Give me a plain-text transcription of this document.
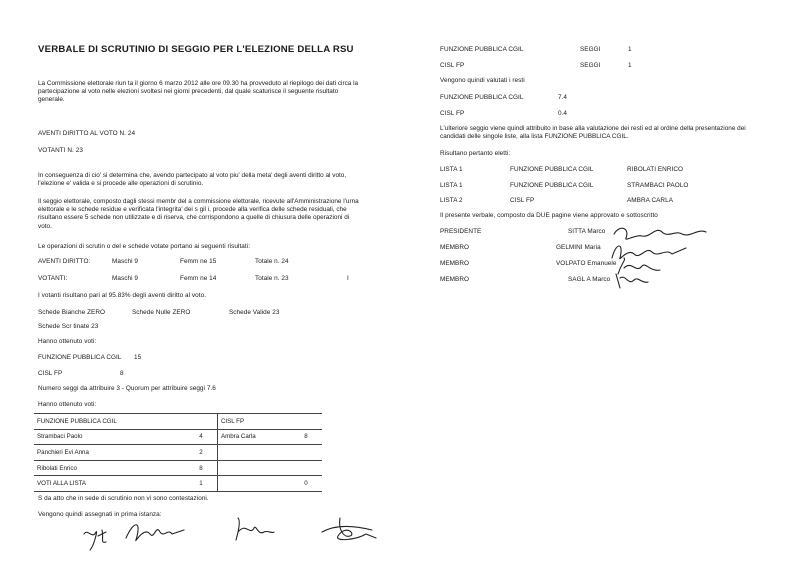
VERBALE DI SCRUTINIO DI SEGGIO PER L'ELEZIONE DELLA RSU
La Commissione elettorale riun ta il giorno 6 marzo 2012 alle ore 09.30 ha provveduto al riepilogo dei dati circa la partecipazione al voto nelle elezioni svoltesi nei giorni precedenti, dal quale scaturisce il seguente risultato generale.
AVENTI DIRITTO AL VOTO N. 24
VOTANTI N. 23
In conseguenza di cio' si determina che, avendo partecipato al voto piu' della meta' degli aventi diritto al voto, l'elezione e' valida e si procede alle operazioni di scrutinio.
Il seggio elettorale, composto dagli stessi membr del a commissione elettorale, ricevute all'Amministrazione l'urna elettorale e le schede residue e verificata l'integrita' dei s gil i, procede alla verifica delle schede residuali, che risultano essere 5 schede non utilizzate e di riserva, che corrispondono a quelle di chiusura delle operazioni di voto.
Le operazioni di scrutin o del e schede votate portano ai seguenti risultati:
AVENTI DIRITTO:	Maschi 9	Femm ne 15	Totale n. 24
VOTANTI:	Maschi 9	Femm ne 14	Totale n. 23	I
I votanti risultano pari al 95.83% degli aventi diritto al voto.
Schede Bianche ZERO	Schede Nulle ZERO	Schede Valide 23
Schede Scr tinate 23
Hanno ottenuto voti:
FUNZIONE PUBBLICA CGIL 15
CISL FP	8
Numero seggi da attribuire 3 - Quorum per attribuire seggi 7.6
Hanno ottenuto voti:
FUNZIONE PUBBLICA CGIL		CISL FP	
Strambaci Paolo	4	Ambra Carla	8
Panchieri Evi Anna	2		
Ribolati Enrico	8		
VOTI ALLA LISTA	1		0
S da atto che in sede di scrutinio non vi sono contestazioni.
Vengono quindi assegnati in prima istanza:
FUNZIONE PUBBLICA CGIL	SEGGI	1
CISL FP	SEGGI	1
Vengono quindi valutati i resti
FUNZIONE PUBBLICA CGIL	7.4
CISL FP	0.4
L'ulteriore seggio viene quindi attribuito in base alla valutazione dei resti ed al ordine della presentazione dei candidati delle singole liste, alla lista FUNZIONE PUBBLICA CGIL.
Risultano pertanto eletti:
LISTA 1	FUNZIONE PUBBLICA CGIL	RIBOLATI ENRICO
LISTA 1	FUNZIONE PUBBLICA CGIL	STRAMBACI PAOLO
LISTA 2	CISL FP	AMBRA CARLA
Il presente verbale, composto da DUE pagine viene approvato e sottoscritto
PRESIDENTE	SITTA Marco
MEMBRO	GELMINI Maria
MEMBRO	VOLPATO Emanuele
MEMBRO	SAGL A Marco
